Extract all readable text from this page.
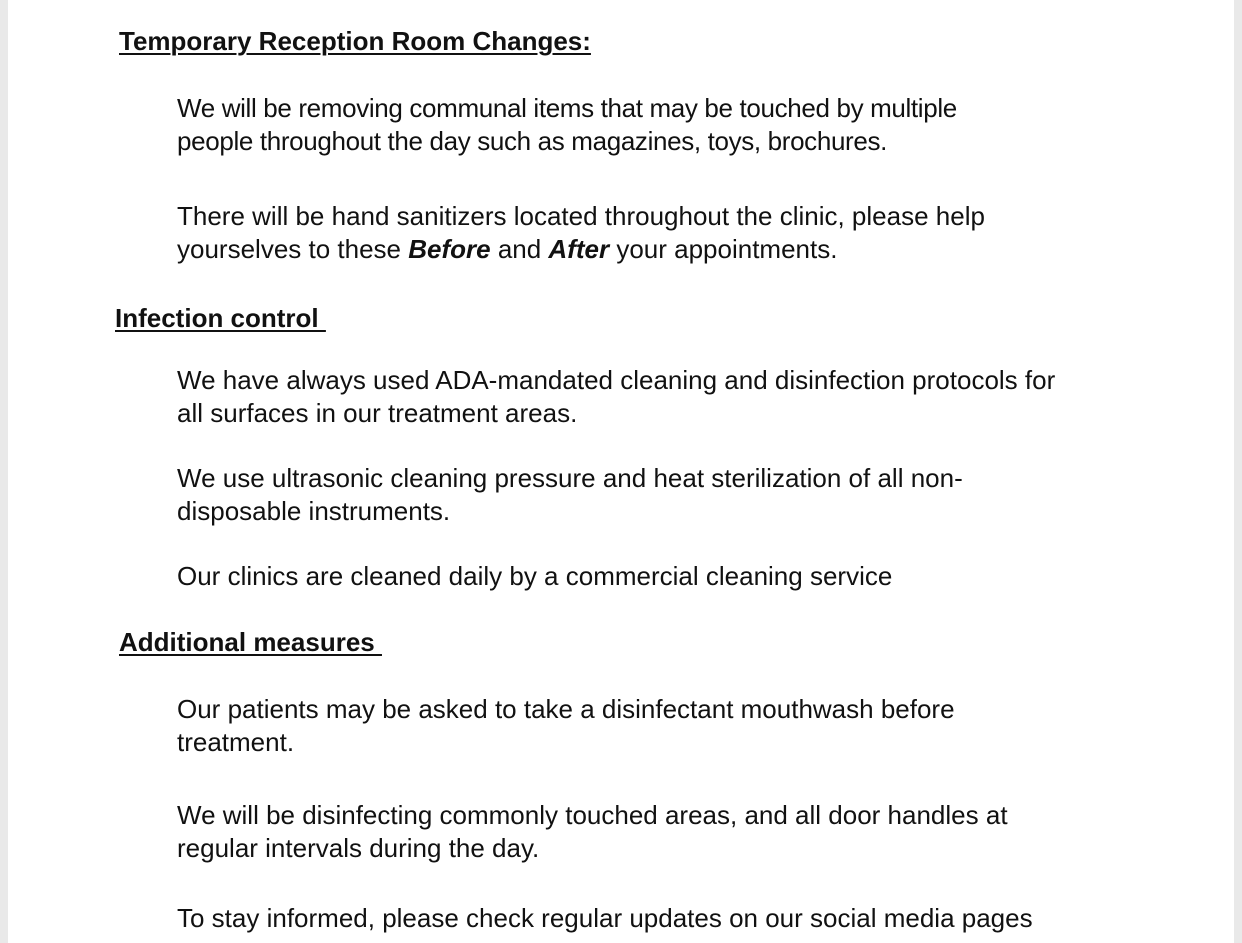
Temporary Reception Room Changes:

We will be removing communal items that may be touched by multiple
people throughout the day such as magazines, toys, brochures.

There will be hand sanitizers located throughout the clinic, please help
yourselves to these Before and After your appointments.

Infection control

We have always used ADA-mandated cleaning and disinfection protocols for
all surfaces in our treatment areas.

We use ultrasonic cleaning pressure and heat sterilization of all non-
disposable instruments.

Our clinics are cleaned daily by a commercial cleaning service

Additional measures

Our patients may be asked to take a disinfectant mouthwash before
treatment.

We will be disinfecting commonly touched areas, and all door handles at
regular intervals during the day.

To stay informed, please check regular updates on our social media pages
